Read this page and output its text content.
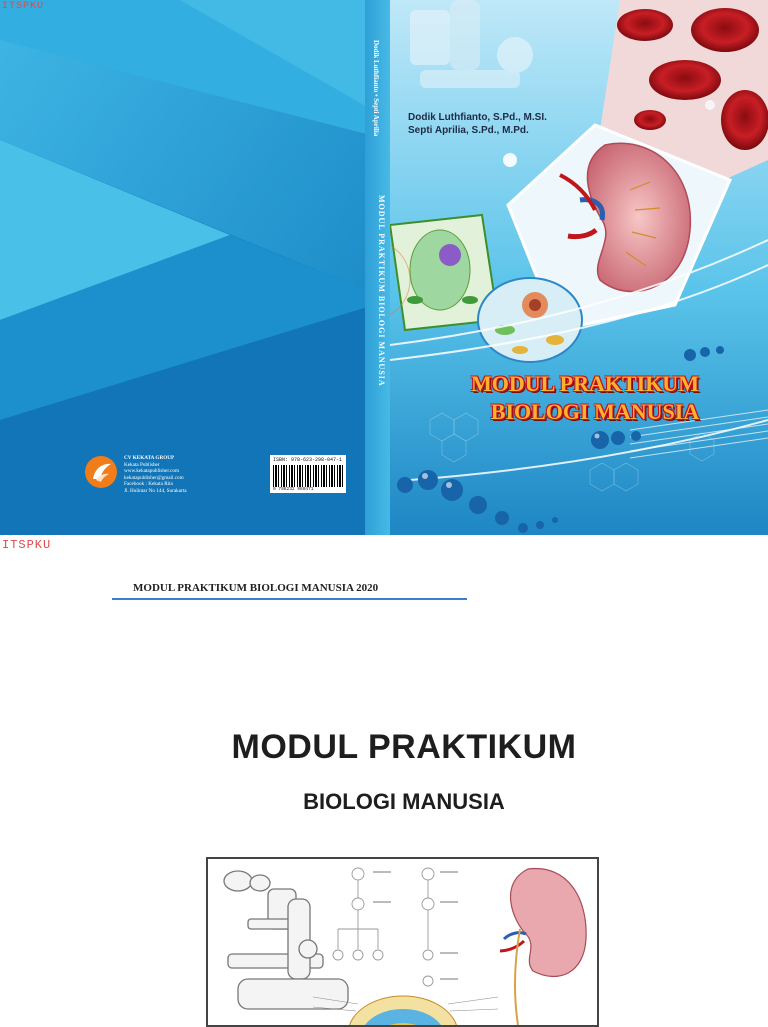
Dodik Luthfianto • Septi Aprilia
MODUL PRAKTIKUM BIOLOGI MANUSIA
Dodik Luthfianto, S.Pd., M.SI.
Septi Aprilia, S.Pd., M.Pd.
MODUL PRAKTIKUM
BIOLOGI MANUSIA
CV KEKATA GROUP
Kekata Publisher
www.kekatapublisher.com
kekatapublisher@gmail.com
Facebook : Kekata Rita
Jl. Hulintar No 144, Surakarta
ISBN: 978-623-298-047-1
9 786232 980471
ITSPKU
ITSPKU
MODUL PRAKTIKUM BIOLOGI MANUSIA 2020
MODUL PRAKTIKUM
BIOLOGI MANUSIA
